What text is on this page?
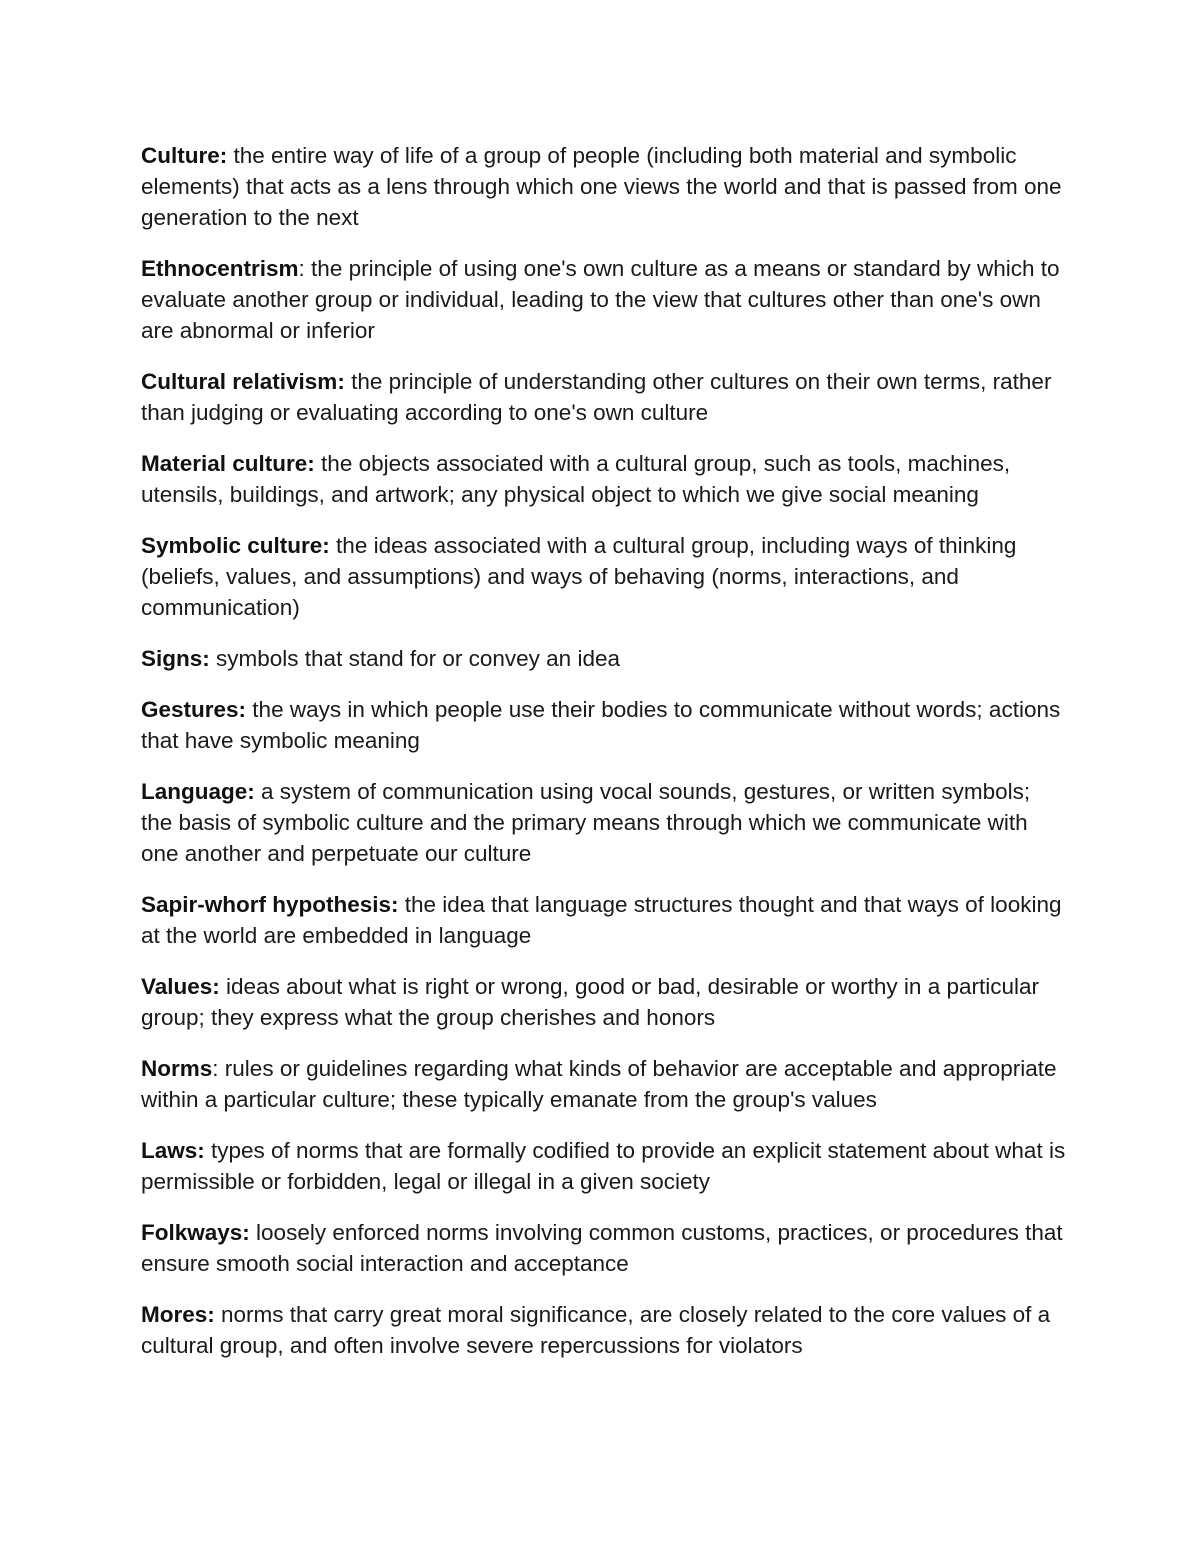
Culture: the entire way of life of a group of people (including both material and symbolic elements) that acts as a lens through which one views the world and that is passed from one generation to the next

Ethnocentrism: the principle of using one's own culture as a means or standard by which to evaluate another group or individual, leading to the view that cultures other than one's own are abnormal or inferior

Cultural relativism: the principle of understanding other cultures on their own terms, rather than judging or evaluating according to one's own culture

Material culture: the objects associated with a cultural group, such as tools, machines, utensils, buildings, and artwork; any physical object to which we give social meaning

Symbolic culture: the ideas associated with a cultural group, including ways of thinking (beliefs, values, and assumptions) and ways of behaving (norms, interactions, and communication)

Signs: symbols that stand for or convey an idea

Gestures: the ways in which people use their bodies to communicate without words; actions that have symbolic meaning

Language: a system of communication using vocal sounds, gestures, or written symbols; the basis of symbolic culture and the primary means through which we communicate with one another and perpetuate our culture

Sapir-whorf hypothesis: the idea that language structures thought and that ways of looking at the world are embedded in language

Values: ideas about what is right or wrong, good or bad, desirable or worthy in a particular group; they express what the group cherishes and honors

Norms: rules or guidelines regarding what kinds of behavior are acceptable and appropriate within a particular culture; these typically emanate from the group's values

Laws: types of norms that are formally codified to provide an explicit statement about what is permissible or forbidden, legal or illegal in a given society

Folkways: loosely enforced norms involving common customs, practices, or procedures that ensure smooth social interaction and acceptance

Mores: norms that carry great moral significance, are closely related to the core values of a cultural group, and often involve severe repercussions for violators
